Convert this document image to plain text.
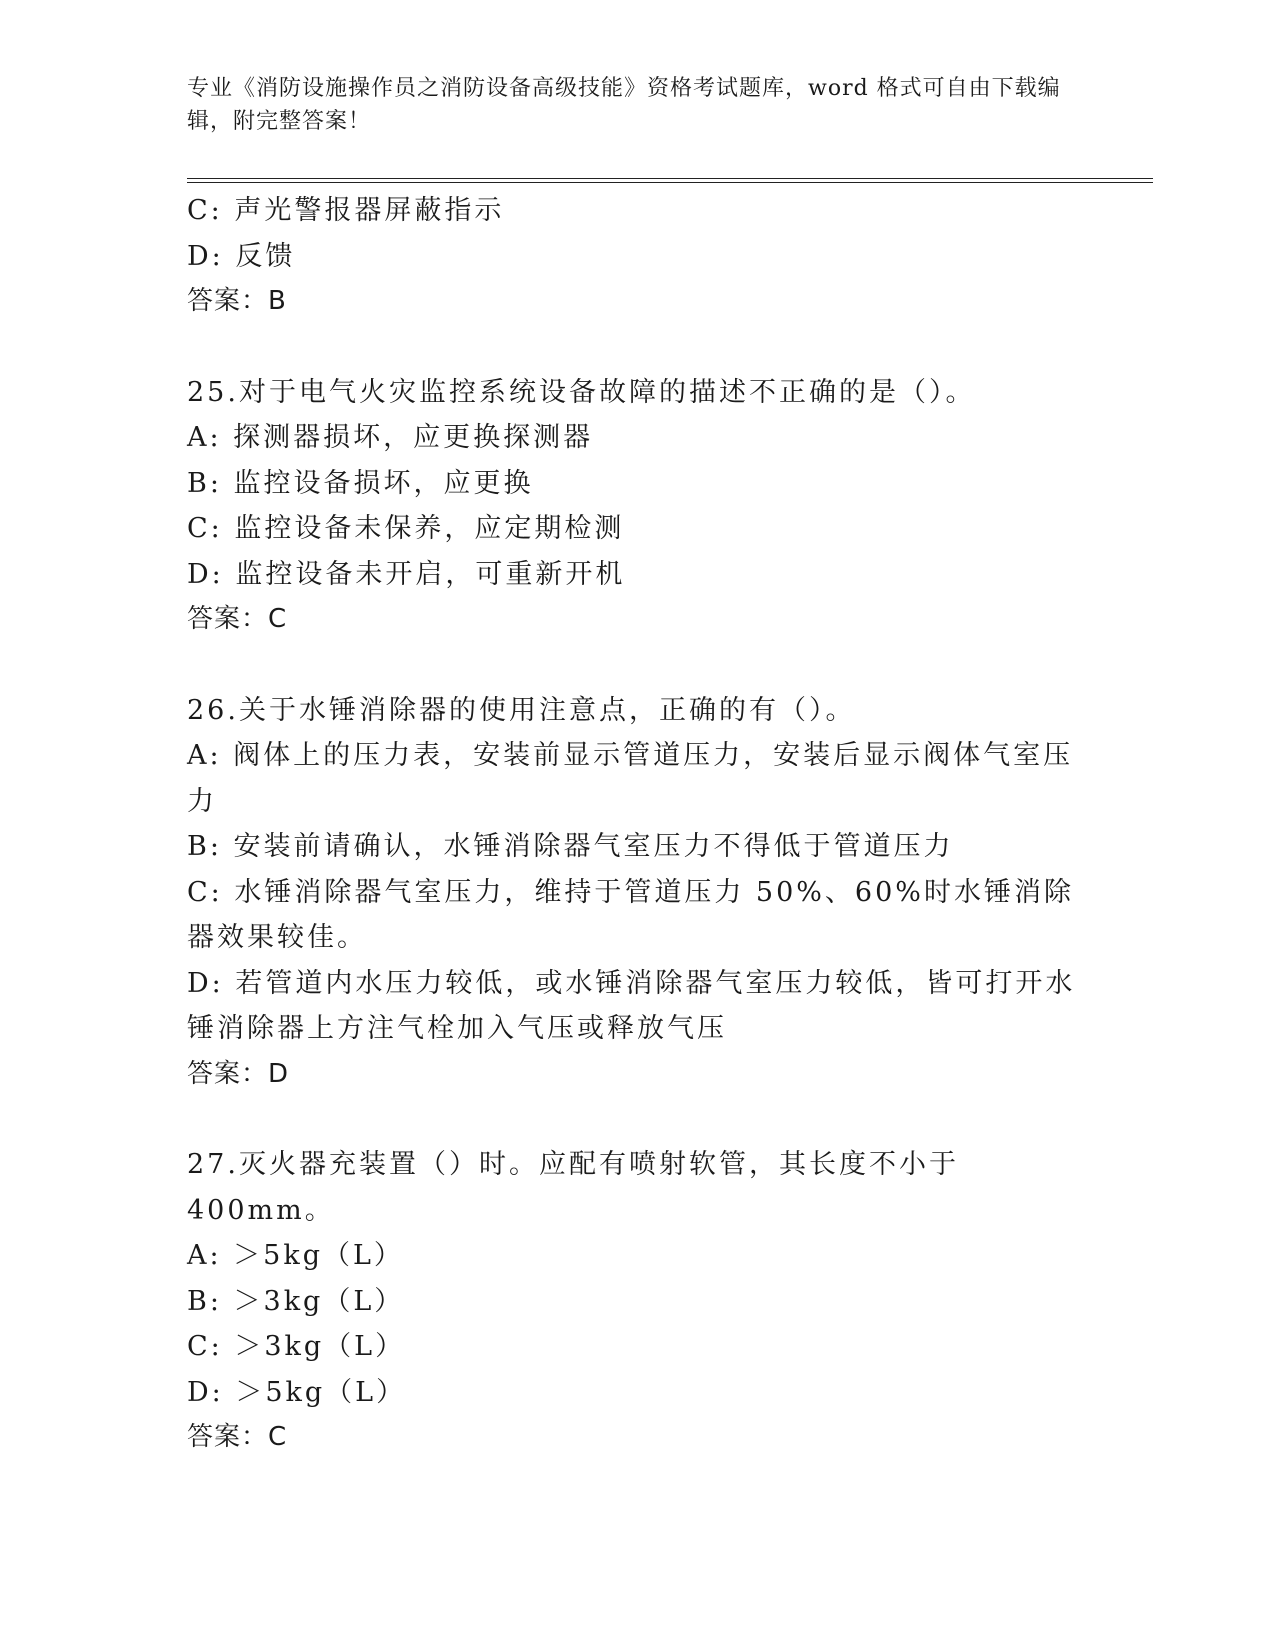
专业《消防设施操作员之消防设备高级技能》资格考试题库，word 格式可自由下载编辑，附完整答案！

C: 声光警报器屏蔽指示

D: 反馈

答案：B

25.对于电气火灾监控系统设备故障的描述不正确的是（）。

A: 探测器损坏，应更换探测器

B: 监控设备损坏，应更换

C: 监控设备未保养，应定期检测

D: 监控设备未开启，可重新开机

答案：C

26.关于水锤消除器的使用注意点，正确的有（）。

A: 阀体上的压力表，安装前显示管道压力，安装后显示阀体气室压力

B: 安装前请确认，水锤消除器气室压力不得低于管道压力

C: 水锤消除器气室压力，维持于管道压力 50%、60%时水锤消除器效果较佳。

D: 若管道内水压力较低，或水锤消除器气室压力较低，皆可打开水锤消除器上方注气栓加入气压或释放气压

答案：D

27.灭火器充装置（）时。应配有喷射软管，其长度不小于 400mm。

A: ＞5kg（L）

B: ＞3kg（L）

C: ＞3kg（L）

D: ＞5kg（L）

答案：C
